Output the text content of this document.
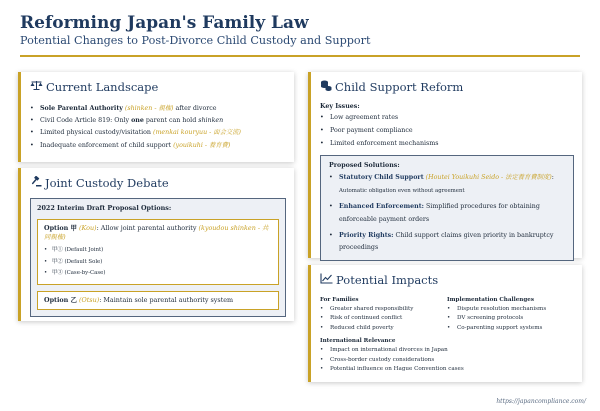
Reforming Japan's Family Law
Potential Changes to Post-Divorce Child Custody and Support
Current Landscape
• Sole Parental Authority (shinken - 親権) after divorce
• Civil Code Article 819: Only one parent can hold shinken
• Limited physical custody/visitation (menkai kouryuu - 面会交流)
• Inadequate enforcement of child support (youikuhi - 養育費)
Joint Custody Debate
2022 Interim Draft Proposal Options:
Option 甲 (Kou): Allow joint parental authority (kyoudou shinken - 共同親権)
• 甲① (Default Joint)
• 甲② (Default Sole)
• 甲③ (Case-by-Case)
Option 乙 (Otsu): Maintain sole parental authority system
Child Support Reform
Key Issues:
• Low agreement rates
• Poor payment compliance
• Limited enforcement mechanisms
Proposed Solutions:
• Statutory Child Support (Houtei Youikuhi Seido - 法定養育費制度):
Automatic obligation even without agreement
• Enhanced Enforcement: Simplified procedures for obtaining enforceable payment orders
• Priority Rights: Child support claims given priority in bankruptcy proceedings
Potential Impacts
For Families
• Greater shared responsibility
• Risk of continued conflict
• Reduced child poverty
Implementation Challenges
• Dispute resolution mechanisms
• DV screening protocols
• Co-parenting support systems
International Relevance
• Impact on international divorces in Japan
• Cross-border custody considerations
• Potential influence on Hague Convention cases
https://japancompliance.com/
